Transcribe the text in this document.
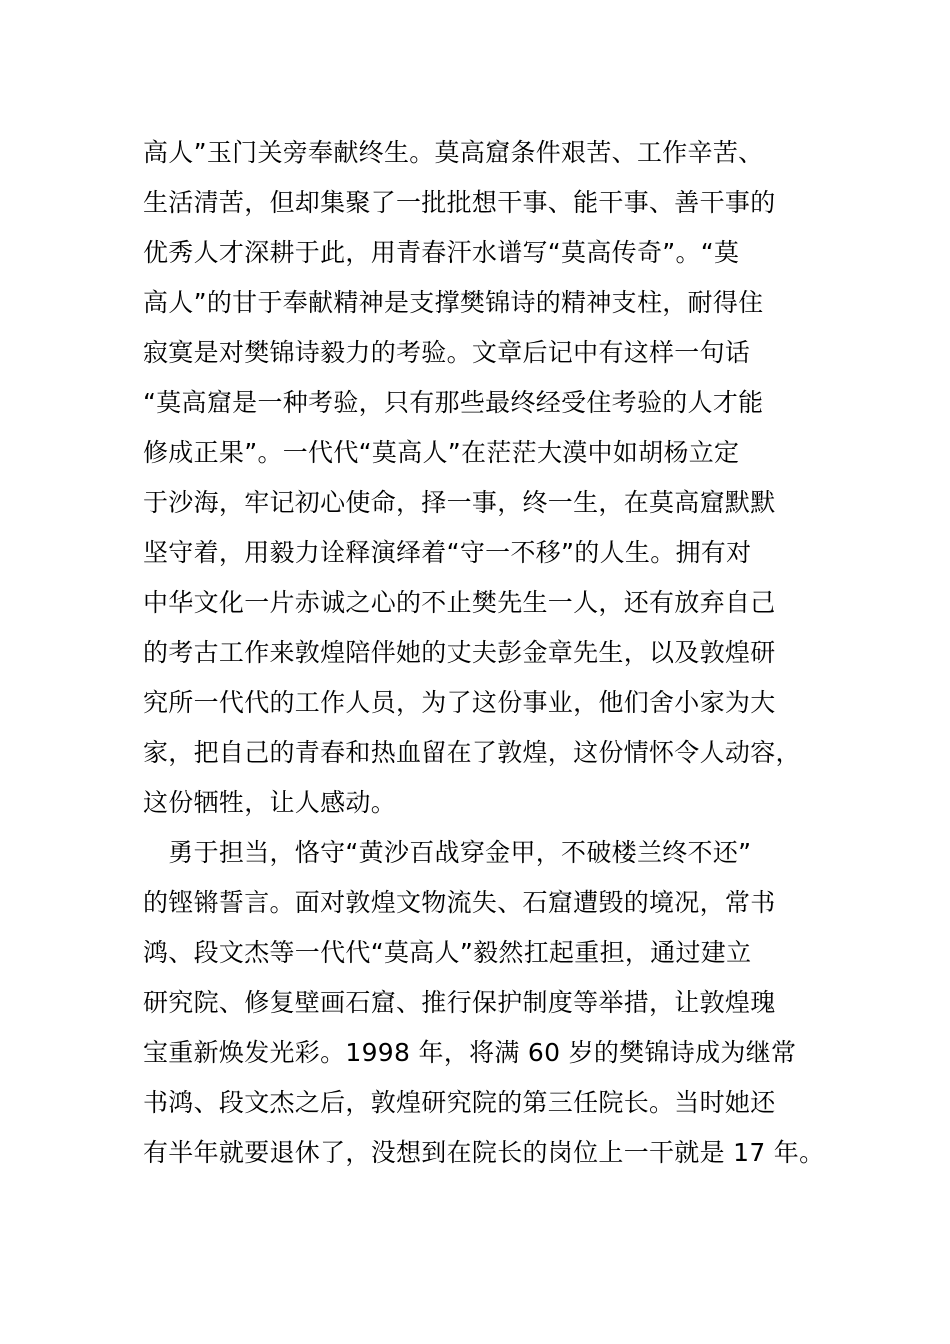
高人”玉门关旁奉献终生。莫高窟条件艰苦、工作辛苦、
生活清苦，但却集聚了一批批想干事、能干事、善干事的
优秀人才深耕于此，用青春汗水谱写“莫高传奇”。“莫
高人”的甘于奉献精神是支撑樊锦诗的精神支柱，耐得住
寂寞是对樊锦诗毅力的考验。文章后记中有这样一句话
“莫高窟是一种考验，只有那些最终经受住考验的人才能
修成正果”。一代代“莫高人”在茫茫大漠中如胡杨立定
于沙海，牢记初心使命，择一事，终一生，在莫高窟默默
坚守着，用毅力诠释演绎着“守一不移”的人生。拥有对
中华文化一片赤诚之心的不止樊先生一人，还有放弃自己
的考古工作来敦煌陪伴她的丈夫彭金章先生，以及敦煌研
究所一代代的工作人员，为了这份事业，他们舍小家为大
家，把自己的青春和热血留在了敦煌，这份情怀令人动容，
这份牺牲，让人感动。
　勇于担当，恪守“黄沙百战穿金甲，不破楼兰终不还”
的铿锵誓言。面对敦煌文物流失、石窟遭毁的境况，常书
鸿、段文杰等一代代“莫高人”毅然扛起重担，通过建立
研究院、修复壁画石窟、推行保护制度等举措，让敦煌瑰
宝重新焕发光彩。1998 年，将满 60 岁的樊锦诗成为继常
书鸿、段文杰之后，敦煌研究院的第三任院长。当时她还
有半年就要退休了，没想到在院长的岗位上一干就是 17 年。
